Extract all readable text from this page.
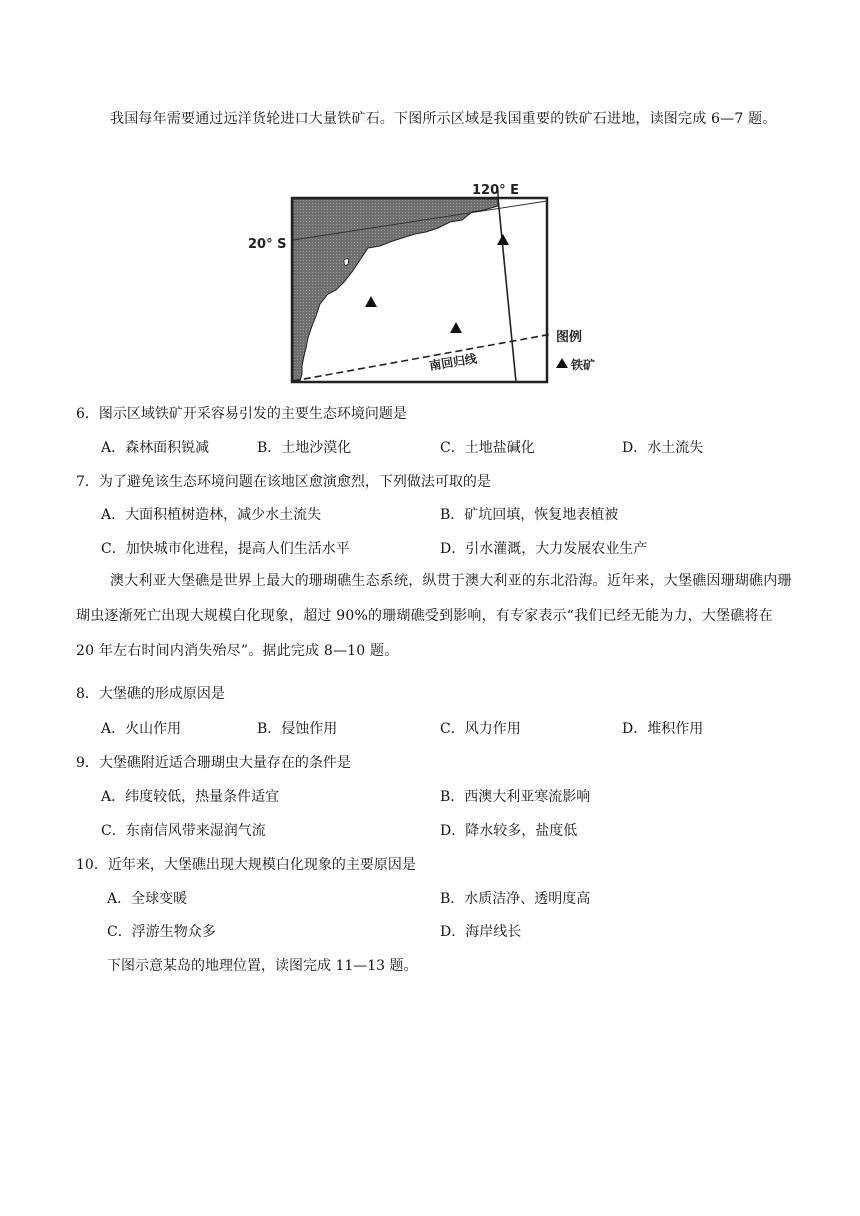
我国每年需要通过远洋货轮进口大量铁矿石。下图所示区域是我国重要的铁矿石进地，读图完成 6—7 题。
120° E
20° S
南回归线
图例
铁矿
6．图示区域铁矿开采容易引发的主要生态环境问题是
A．森林面积锐减	B．土地沙漠化	C．土地盐碱化	D．水土流失
7．为了避免该生态环境问题在该地区愈演愈烈，下列做法可取的是
A．大面积植树造林，减少水土流失	B．矿坑回填，恢复地表植被
C．加快城市化进程，提高人们生活水平	D．引水灌溉，大力发展农业生产
澳大利亚大堡礁是世界上最大的珊瑚礁生态系统，纵贯于澳大利亚的东北沿海。近年来，大堡礁因珊瑚礁内珊瑚虫逐渐死亡出现大规模白化现象，超过 90%的珊瑚礁受到影响，有专家表示“我们已经无能为力，大堡礁将在 20 年左右时间内消失殆尽”。据此完成 8—10 题。
8．大堡礁的形成原因是
A．火山作用	B．侵蚀作用	C．风力作用	D．堆积作用
9．大堡礁附近适合珊瑚虫大量存在的条件是
A．纬度较低，热量条件适宜	B．西澳大利亚寒流影响
C．东南信风带来湿润气流	D．降水较多，盐度低
10．近年来，大堡礁出现大规模白化现象的主要原因是
A．全球变暖	B．水质洁净、透明度高
C．浮游生物众多	D．海岸线长
下图示意某岛的地理位置，读图完成 11—13 题。
